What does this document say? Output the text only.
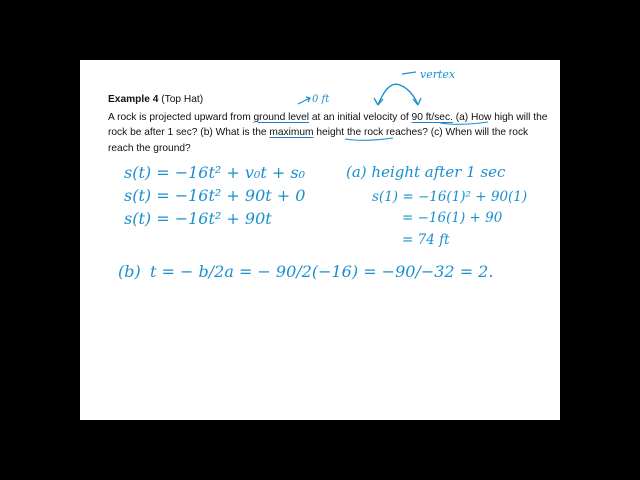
Example 4 (Top Hat)
A rock is projected upward from ground level at an initial velocity of 90 ft/sec. (a) How high will the rock be after 1 sec? (b) What is the maximum height the rock reaches? (c) When will the rock reach the ground?
vertex
0 ft
s(t) = −16t² + v₀t + s₀
s(t) = −16t² + 90t + 0
s(t) = −16t² + 90t
(a) height after 1 sec
s(1) = −16(1)² + 90(1)
= −16(1) + 90
= 74 ft
(b) t = − b/2a = − 90/2(−16) = −90/−32 = 2.
